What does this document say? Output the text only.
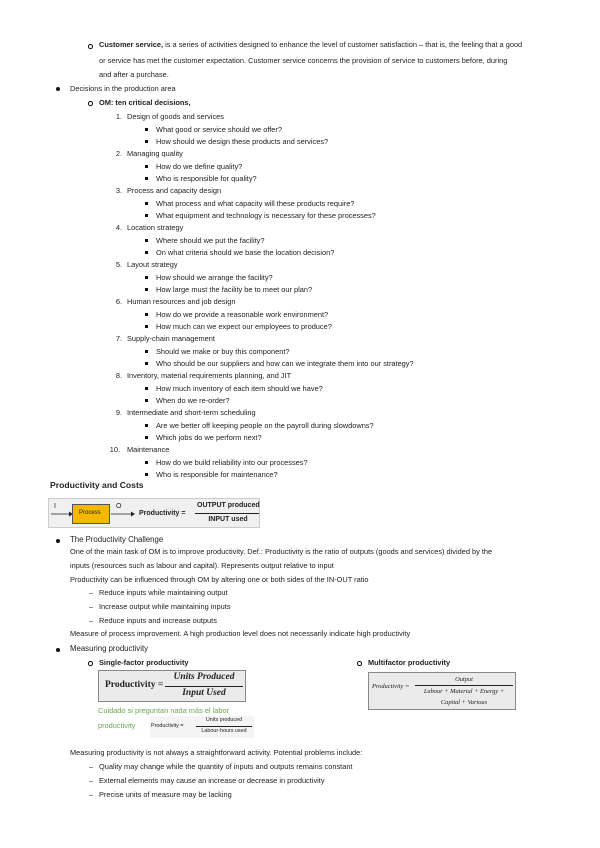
Customer service, is a series of activities designed to enhance the level of customer satisfaction – that is, the feeling that a good
or service has met the customer expectation. Customer service concerns the provision of service to customers before, during
and after a purchase.
Decisions in the production area
OM: ten critical decisions,
1. Design of goods and services
What good or service should we offer?
How should we design these products and services?
2. Managing quality
How do we define quality?
Who is responsible for quality?
3. Process and capacity design
What process and what capacity will these products require?
What equipment and technology is necessary for these processes?
4. Location strategy
Where should we put the facility?
On what criteria should we base the location decision?
5. Layout strategy
How should we arrange the facility?
How large must the facility be to meet our plan?
6. Human resources and job design
How do we provide a reasonable work environment?
How much can we expect our employees to produce?
7. Supply-chain management
Should we make or buy this component?
Who should be our suppliers and how can we integrate them into our strategy?
8. Inventory, material requirements planning, and JIT
How much inventory of each item should we have?
When do we re-order?
9. Intermediate and short-term scheduling
Are we better off keeping people on the payroll during slowdowns?
Which jobs do we perform next?
10. Maintenance
How do we build reliability into our processes?
Who is responsible for maintenance?
Productivity and Costs
I
Process
O
Productivity =
OUTPUT produced
INPUT used
The Productivity Challenge
One of the main task of OM is to improve productivity. Def.: Productivity is the ratio of outputs (goods and services) divided by the
inputs (resources such as labour and capital). Represents output relative to input
Productivity can be influenced through OM by altering one or both sides of the IN-OUT ratio
– Reduce inputs while maintaining output
– Increase output while maintaining inputs
– Reduce inputs and increase outputs
Measure of process improvement. A high production level does not necessarily indicate high productivity
Measuring productivity
Single-factor productivity	Multifactor productivity
Productivity =
Units Produced
Input Used
Productivity =
Output
Labour + Material + Energy +
Capital + Various
Cuidado si preguntan nada más el labor
productivity	Productivity =
Units produced
Labour-hours used
Measuring productivity is not always a straightforward activity. Potential problems include:
– Quality may change while the quantity of inputs and outputs remains constant
– External elements may cause an increase or decrease in productivity
– Precise units of measure may be lacking
